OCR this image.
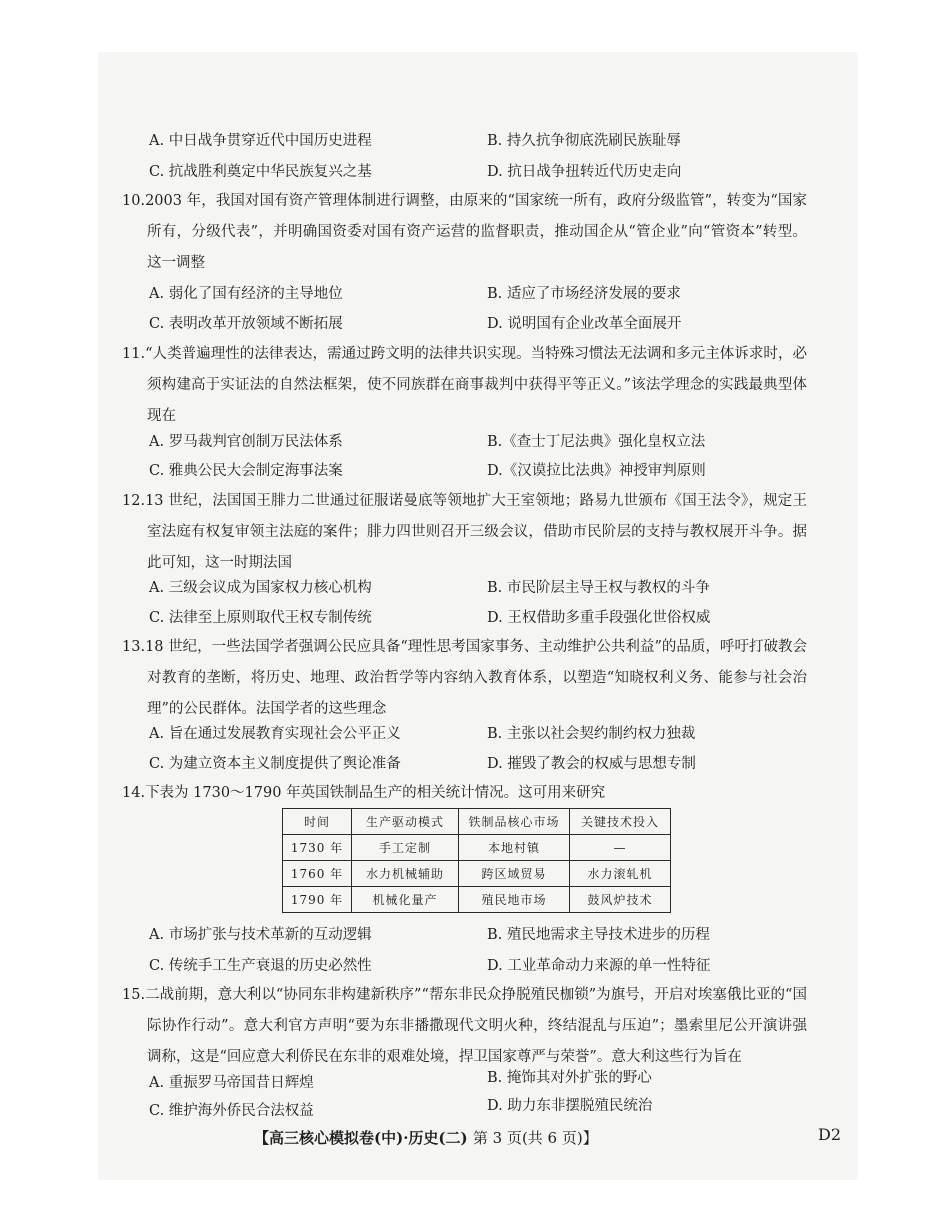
A. 中日战争贯穿近代中国历史进程	B. 持久抗争彻底洗刷民族耻辱
C. 抗战胜利奠定中华民族复兴之基	D. 抗日战争扭转近代历史走向
10.2003 年，我国对国有资产管理体制进行调整，由原来的“国家统一所有，政府分级监管”，转变为“国家所有，分级代表”，并明确国资委对国有资产运营的监督职责，推动国企从“管企业”向“管资本”转型。这一调整
A. 弱化了国有经济的主导地位	B. 适应了市场经济发展的要求
C. 表明改革开放领域不断拓展	D. 说明国有企业改革全面展开
11.“人类普遍理性的法律表达，需通过跨文明的法律共识实现。当特殊习惯法无法调和多元主体诉求时，必须构建高于实证法的自然法框架，使不同族群在商事裁判中获得平等正义。”该法学理念的实践最典型体现在
A. 罗马裁判官创制万民法体系	B.《查士丁尼法典》强化皇权立法
C. 雅典公民大会制定海事法案	D.《汉谟拉比法典》神授审判原则
12.13 世纪，法国国王腓力二世通过征服诺曼底等领地扩大王室领地；路易九世颁布《国王法令》，规定王室法庭有权复审领主法庭的案件；腓力四世则召开三级会议，借助市民阶层的支持与教权展开斗争。据此可知，这一时期法国
A. 三级会议成为国家权力核心机构	B. 市民阶层主导王权与教权的斗争
C. 法律至上原则取代王权专制传统	D. 王权借助多重手段强化世俗权威
13.18 世纪，一些法国学者强调公民应具备“理性思考国家事务、主动维护公共利益”的品质，呼吁打破教会对教育的垄断，将历史、地理、政治哲学等内容纳入教育体系，以塑造“知晓权利义务、能参与社会治理”的公民群体。法国学者的这些理念
A. 旨在通过发展教育实现社会公平正义	B. 主张以社会契约制约权力独裁
C. 为建立资本主义制度提供了舆论准备	D. 摧毁了教会的权威与思想专制
14.下表为 1730～1790 年英国铁制品生产的相关统计情况。这可用来研究
时间	生产驱动模式	铁制品核心市场	关键技术投入
1730 年	手工定制	本地村镇	—
1760 年	水力机械辅助	跨区域贸易	水力滚轧机
1790 年	机械化量产	殖民地市场	鼓风炉技术
A. 市场扩张与技术革新的互动逻辑	B. 殖民地需求主导技术进步的历程
C. 传统手工生产衰退的历史必然性	D. 工业革命动力来源的单一性特征
15.二战前期，意大利以“协同东非构建新秩序”“帮东非民众挣脱殖民枷锁”为旗号，开启对埃塞俄比亚的“国际协作行动”。意大利官方声明“要为东非播撒现代文明火种，终结混乱与压迫”；墨索里尼公开演讲强调称，这是“回应意大利侨民在东非的艰难处境，捍卫国家尊严与荣誉”。意大利这些行为旨在
A. 重振罗马帝国昔日辉煌	B. 掩饰其对外扩张的野心
C. 维护海外侨民合法权益	D. 助力东非摆脱殖民统治
【高三核心模拟卷(中)·历史(二) 第 3 页(共 6 页)】	D2
